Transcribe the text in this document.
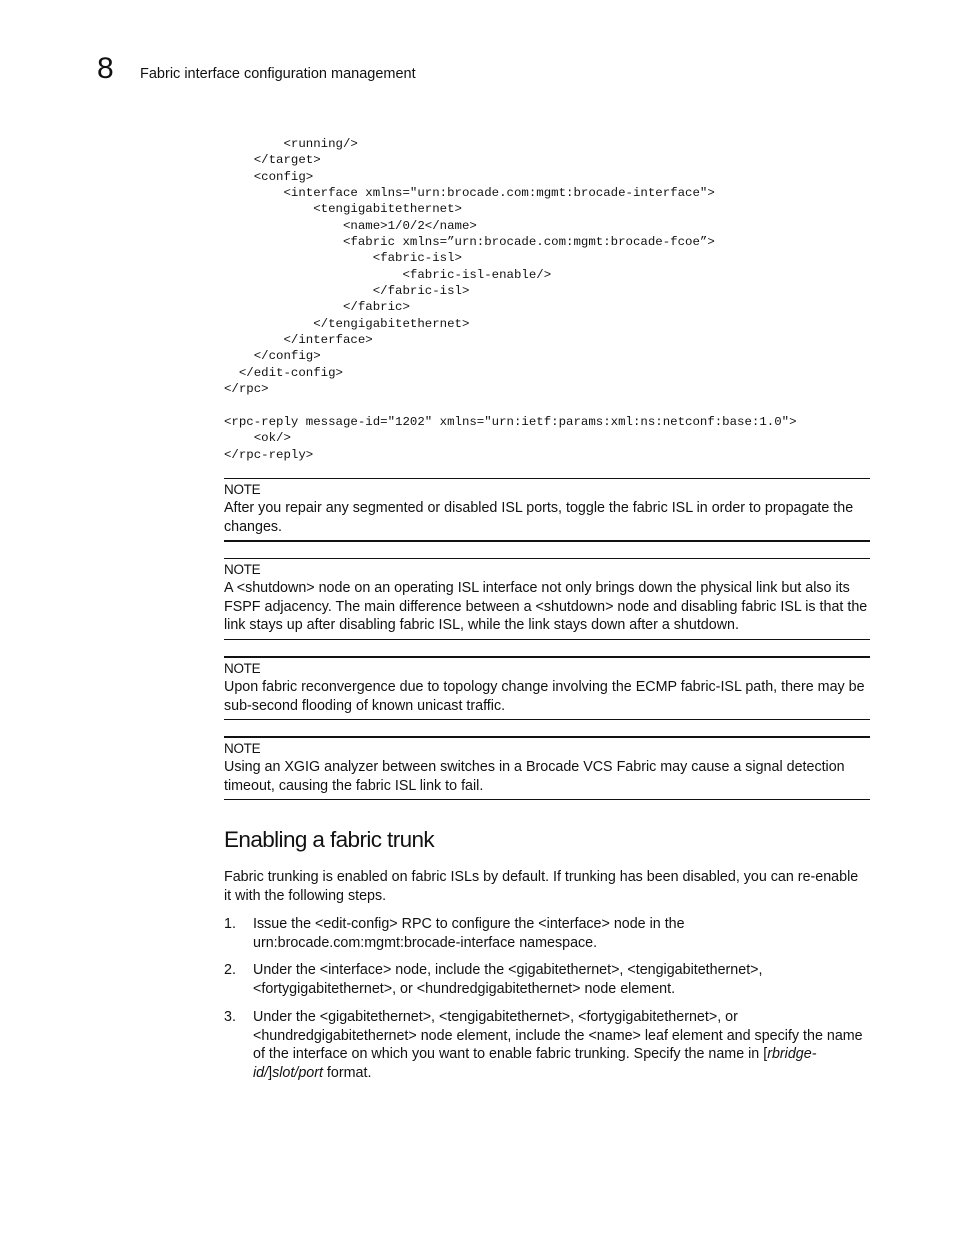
8 Fabric interface configuration management
<running/>
</target>
<config>
<interface xmlns="urn:brocade.com:mgmt:brocade-interface">
<tengigabitethernet>
<name>1/0/2</name>
<fabric xmlns=”urn:brocade.com:mgmt:brocade-fcoe”>
<fabric-isl>
<fabric-isl-enable/>
</fabric-isl>
</fabric>
</tengigabitethernet>
</interface>
</config>
</edit-config>
</rpc>
<rpc-reply message-id="1202" xmlns="urn:ietf:params:xml:ns:netconf:base:1.0">
<ok/>
</rpc-reply>
NOTE
After you repair any segmented or disabled ISL ports, toggle the fabric ISL in order to propagate the changes.
NOTE
A <shutdown> node on an operating ISL interface not only brings down the physical link but also its FSPF adjacency. The main difference between a <shutdown> node and disabling fabric ISL is that the link stays up after disabling fabric ISL, while the link stays down after a shutdown.
NOTE
Upon fabric reconvergence due to topology change involving the ECMP fabric-ISL path, there may be sub-second flooding of known unicast traffic.
NOTE
Using an XGIG analyzer between switches in a Brocade VCS Fabric may cause a signal detection timeout, causing the fabric ISL link to fail.
Enabling a fabric trunk

Fabric trunking is enabled on fabric ISLs by default. If trunking has been disabled, you can re-enable it with the following steps.

1. Issue the <edit-config> RPC to configure the <interface> node in the urn:brocade.com:mgmt:brocade-interface namespace.
2. Under the <interface> node, include the <gigabitethernet>, <tengigabitethernet>, <fortygigabitethernet>, or <hundredgigabitethernet> node element.
3. Under the <gigabitethernet>, <tengigabitethernet>, <fortygigabitethernet>, or <hundredgigabitethernet> node element, include the <name> leaf element and specify the name of the interface on which you want to enable fabric trunking. Specify the name in [rbridge-id/]slot/port format.
